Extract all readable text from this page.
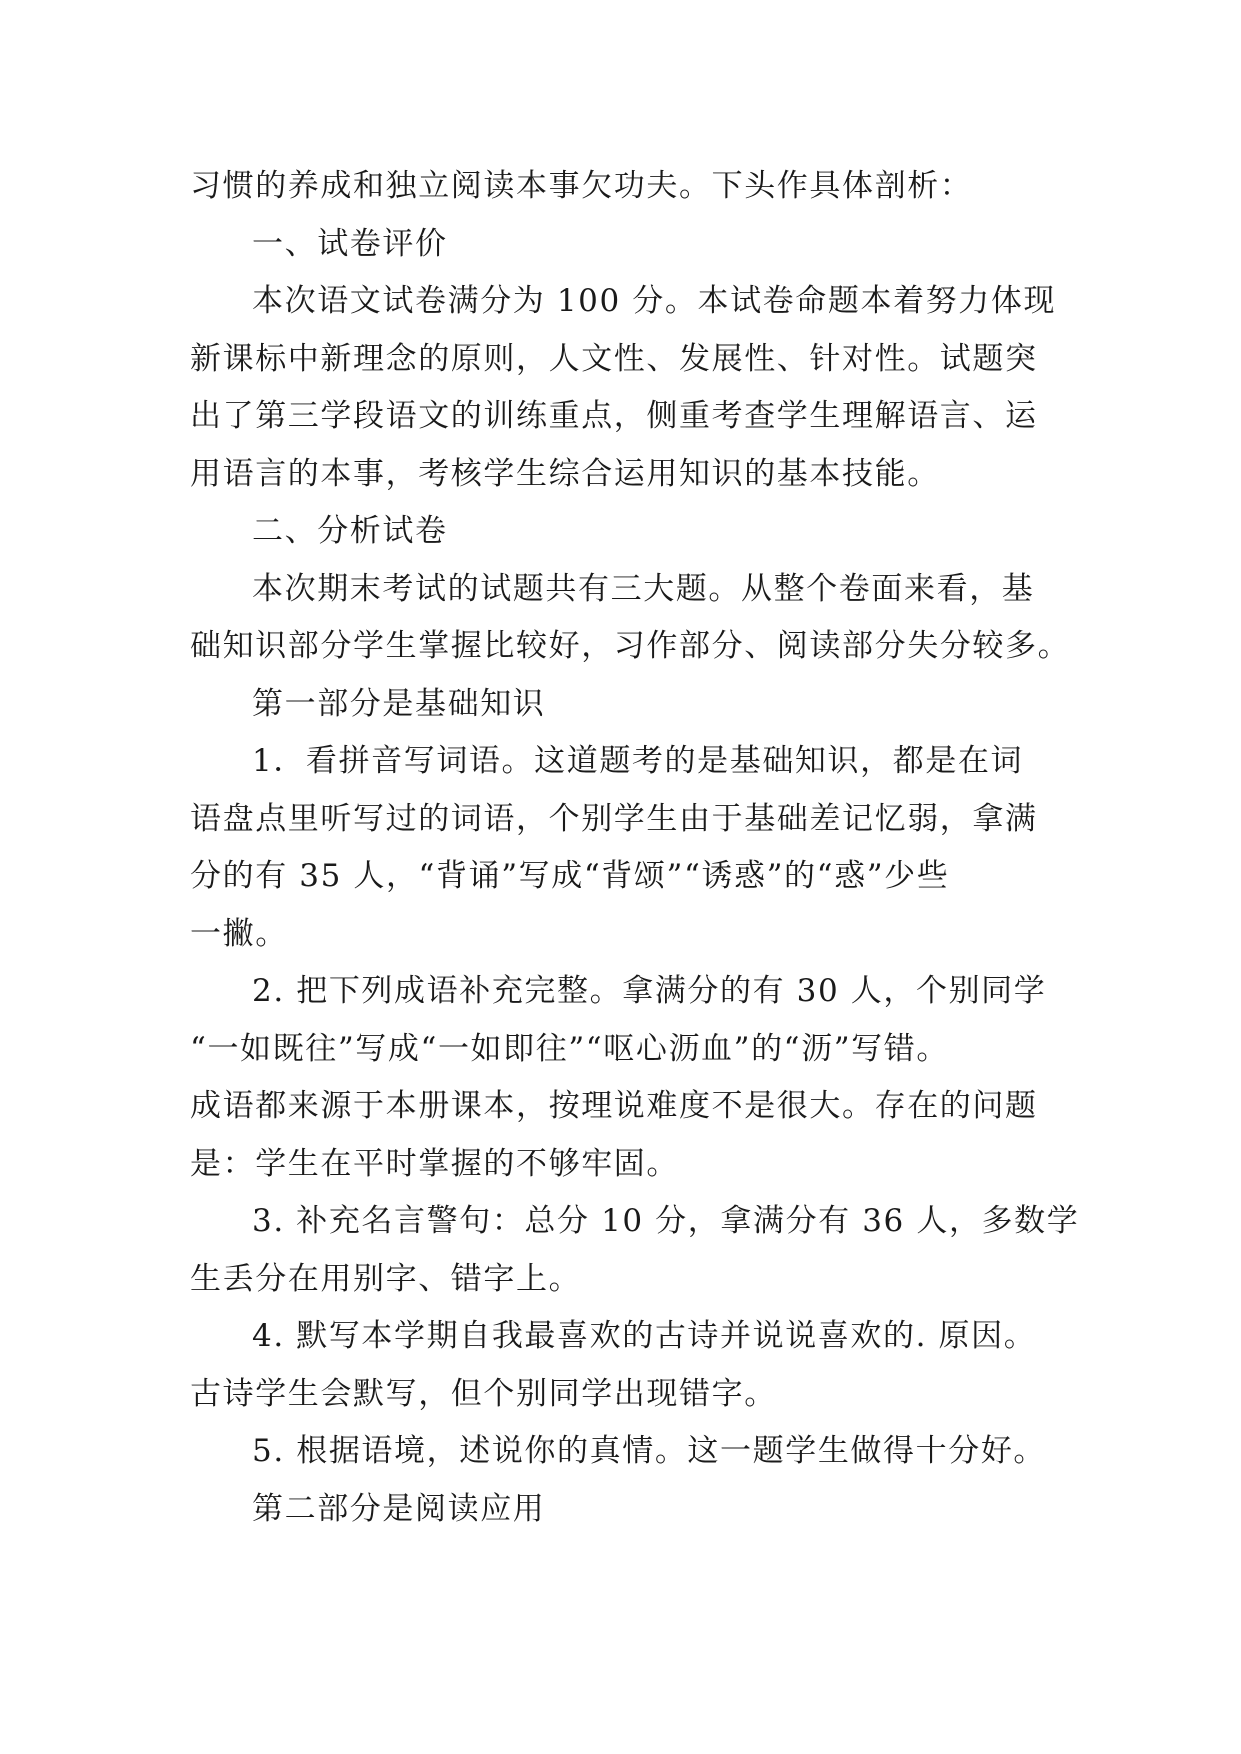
习惯的养成和独立阅读本事欠功夫。下头作具体剖析：
一、试卷评价
本次语文试卷满分为 100 分。本试卷命题本着努力体现
新课标中新理念的原则，人文性、发展性、针对性。试题突
出了第三学段语文的训练重点，侧重考查学生理解语言、运
用语言的本事，考核学生综合运用知识的基本技能。
二、分析试卷
本次期末考试的试题共有三大题。从整个卷面来看，基
础知识部分学生掌握比较好，习作部分、阅读部分失分较多。
第一部分是基础知识
1．看拼音写词语。这道题考的是基础知识，都是在词
语盘点里听写过的词语，个别学生由于基础差记忆弱，拿满
分的有 35 人，“背诵”写成“背颂”“诱惑”的“惑”少些
一撇。
2. 把下列成语补充完整。拿满分的有 30 人，个别同学
“一如既往”写成“一如即往”“呕心沥血”的“沥”写错。
成语都来源于本册课本，按理说难度不是很大。存在的问题
是：学生在平时掌握的不够牢固。
3. 补充名言警句：总分 10 分，拿满分有 36 人，多数学
生丢分在用别字、错字上。
4. 默写本学期自我最喜欢的古诗并说说喜欢的. 原因。
古诗学生会默写，但个别同学出现错字。
5. 根据语境，述说你的真情。这一题学生做得十分好。
第二部分是阅读应用
